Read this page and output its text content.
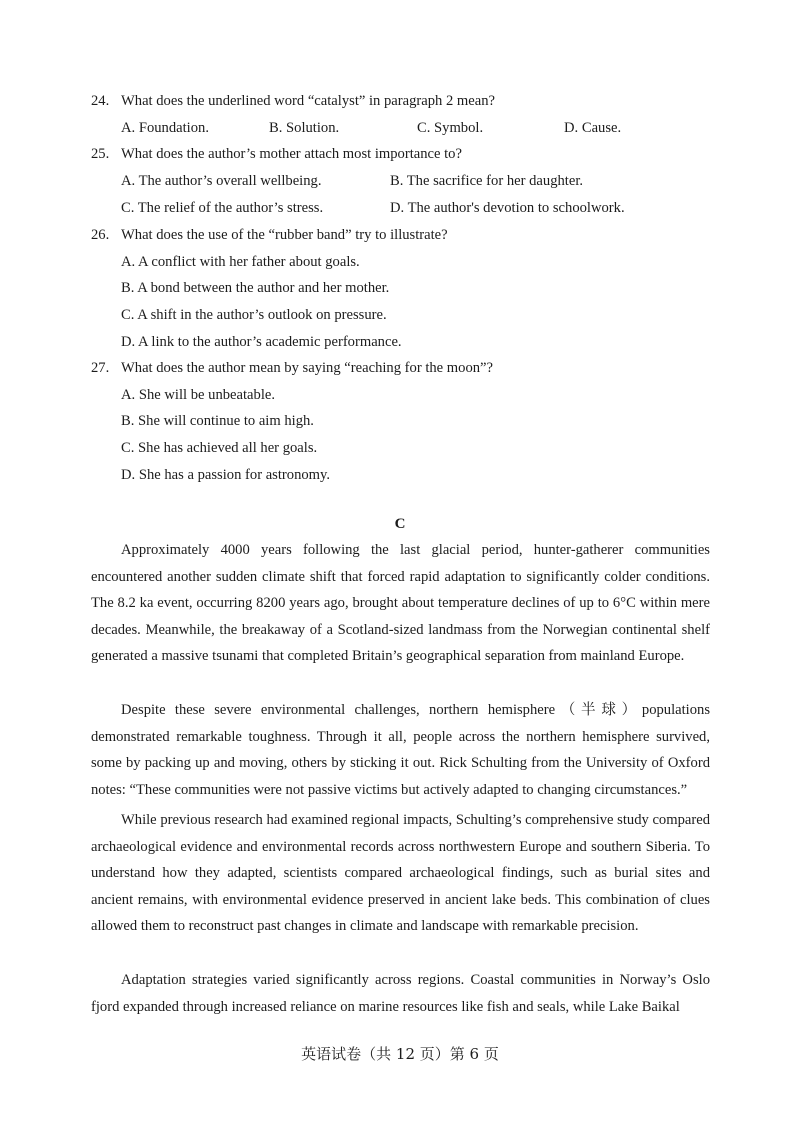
24. What does the underlined word “catalyst” in paragraph 2 mean?
A. Foundation.	B. Solution.	C. Symbol.	D. Cause.
25. What does the author’s mother attach most importance to?
A. The author’s overall wellbeing.	B. The sacrifice for her daughter.
C. The relief of the author’s stress.	D. The author's devotion to schoolwork.
26. What does the use of the “rubber band” try to illustrate?
A. A conflict with her father about goals.
B. A bond between the author and her mother.
C. A shift in the author’s outlook on pressure.
D. A link to the author’s academic performance.
27. What does the author mean by saying “reaching for the moon”?
A. She will be unbeatable.
B. She will continue to aim high.
C. She has achieved all her goals.
D. She has a passion for astronomy.
C

Approximately 4000 years following the last glacial period, hunter-gatherer communities encountered another sudden climate shift that forced rapid adaptation to significantly colder conditions. The 8.2 ka event, occurring 8200 years ago, brought about temperature declines of up to 6°C within mere decades. Meanwhile, the breakaway of a Scotland-sized landmass from the Norwegian continental shelf generated a massive tsunami that completed Britain’s geographical separation from mainland Europe.

Despite these severe environmental challenges, northern hemisphere（半球）populations demonstrated remarkable toughness. Through it all, people across the northern hemisphere survived, some by packing up and moving, others by sticking it out. Rick Schulting from the University of Oxford notes: “These communities were not passive victims but actively adapted to changing circumstances.”

While previous research had examined regional impacts, Schulting’s comprehensive study compared archaeological evidence and environmental records across northwestern Europe and southern Siberia. To understand how they adapted, scientists compared archaeological findings, such as burial sites and ancient remains, with environmental evidence preserved in ancient lake beds. This combination of clues allowed them to reconstruct past changes in climate and landscape with remarkable precision.

Adaptation strategies varied significantly across regions. Coastal communities in Norway’s Oslo fjord expanded through increased reliance on marine resources like fish and seals, while Lake Baikal

英语试卷（共 12 页）第 6 页
